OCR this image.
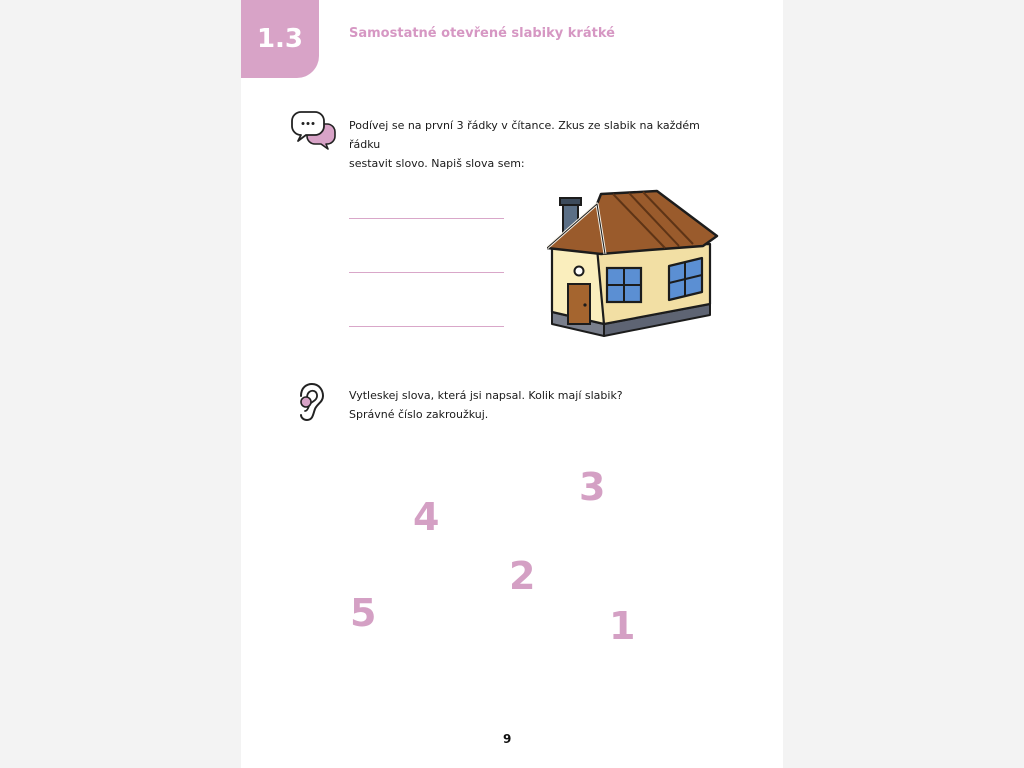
1.3	Samostatné otevřené slabiky krátké
Podívej se na první 3 řádky v čítance. Zkus ze slabik na každém řádku
sestavit slovo. Napiš slova sem:
Vytleskej slova, která jsi napsal. Kolik mají slabik?
Správné číslo zakroužkuj.
3
4
2
5	1
9
